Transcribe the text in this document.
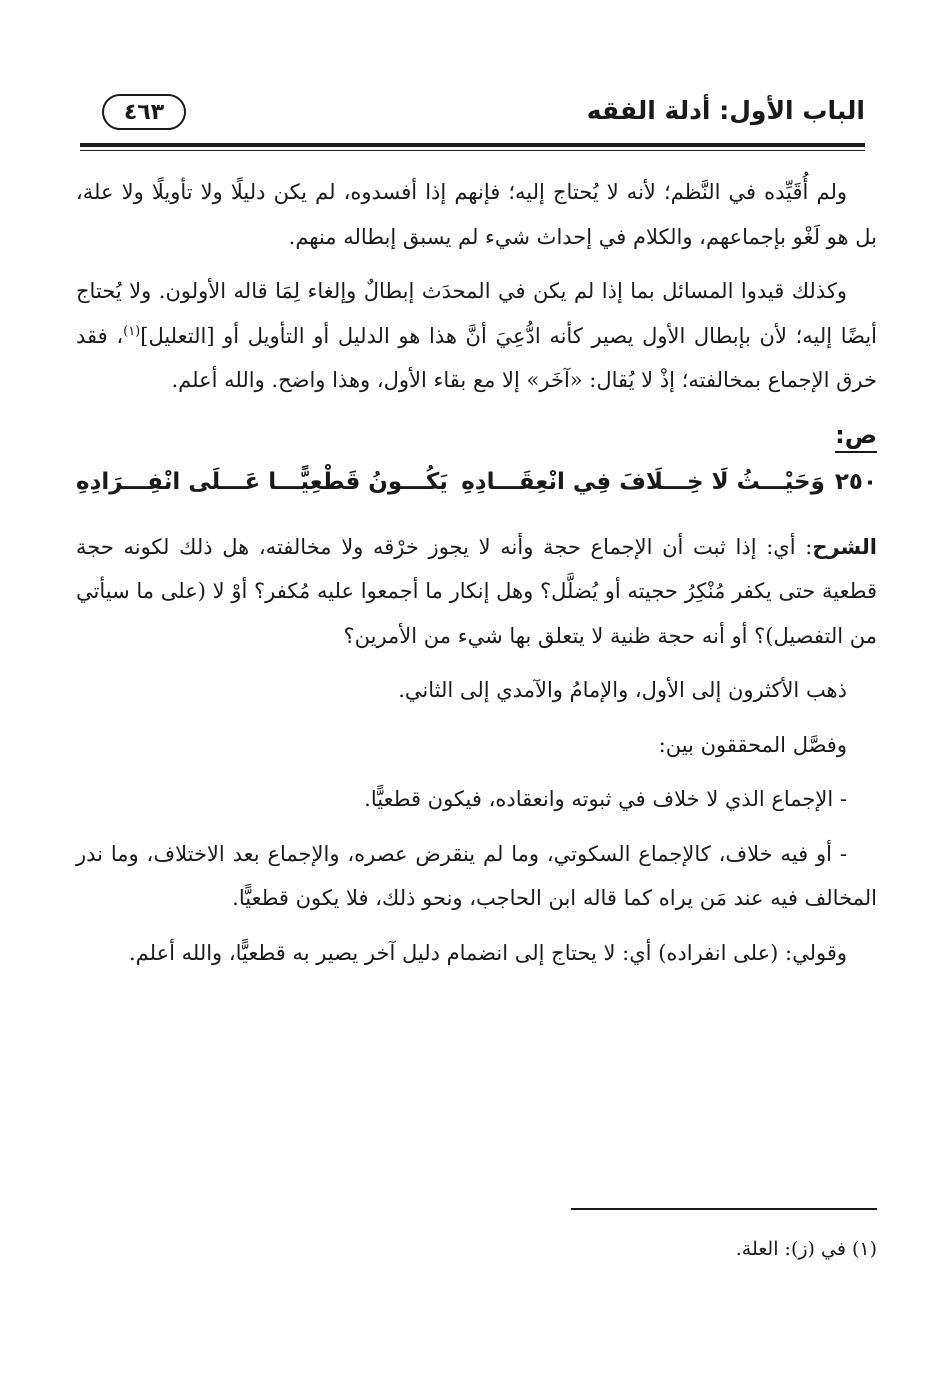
الباب الأول: أدلة الفقه
٤٦٣

ولم أُقَيِّده في النَّظم؛ لأنه لا يُحتاج إليه؛ فإنهم إذا أفسدوه، لم يكن دليلًا ولا تأويلًا ولا علة، بل هو لَغْو بإجماعهم، والكلام في إحداث شيء لم يسبق إبطاله منهم.

وكذلك قيدوا المسائل بما إذا لم يكن في المحدَث إبطالٌ وإلغاء لِمَا قاله الأولون. ولا يُحتاج أيضًا إليه؛ لأن بإبطال الأول يصير كأنه ادُّعِيَ أنَّ هذا هو الدليل أو التأويل أو [التعليل]$^{(١)}$، فقد خرق الإجماع بمخالفته؛ إذْ لا يُقال: «آخَر» إلا مع بقاء الأول، وهذا واضح. والله أعلم.

ص:
٢٥٠وَحَيْـــثُ لَا خِـــلَافَ فِي انْعِقَـــادِهِ
يَكُـــونُ قَطْعِيًّـــا عَـــلَى انْفِـــرَادِهِ

الشرح: أي: إذا ثبت أن الإجماع حجة وأنه لا يجوز خرْقه ولا مخالفته، هل ذلك لكونه حجة قطعية حتى يكفر مُنْكِرُ حجيته أو يُضلَّل؟ وهل إنكار ما أجمعوا عليه مُكفر؟ أوْ لا (على ما سيأتي من التفصيل)؟ أو أنه حجة ظنية لا يتعلق بها شيء من الأمرين؟

ذهب الأكثرون إلى الأول، والإمامُ والآمدي إلى الثاني.

وفصَّل المحققون بين:

- الإجماع الذي لا خلاف في ثبوته وانعقاده، فيكون قطعيًّا.

- أو فيه خلاف، كالإجماع السكوتي، وما لم ينقرض عصره، والإجماع بعد الاختلاف، وما ندر المخالف فيه عند مَن يراه كما قاله ابن الحاجب، ونحو ذلك، فلا يكون قطعيًّا.

وقولي: (على انفراده) أي: لا يحتاج إلى انضمام دليل آخر يصير به قطعيًّا، والله أعلم.

(١) في (ز): العلة.
